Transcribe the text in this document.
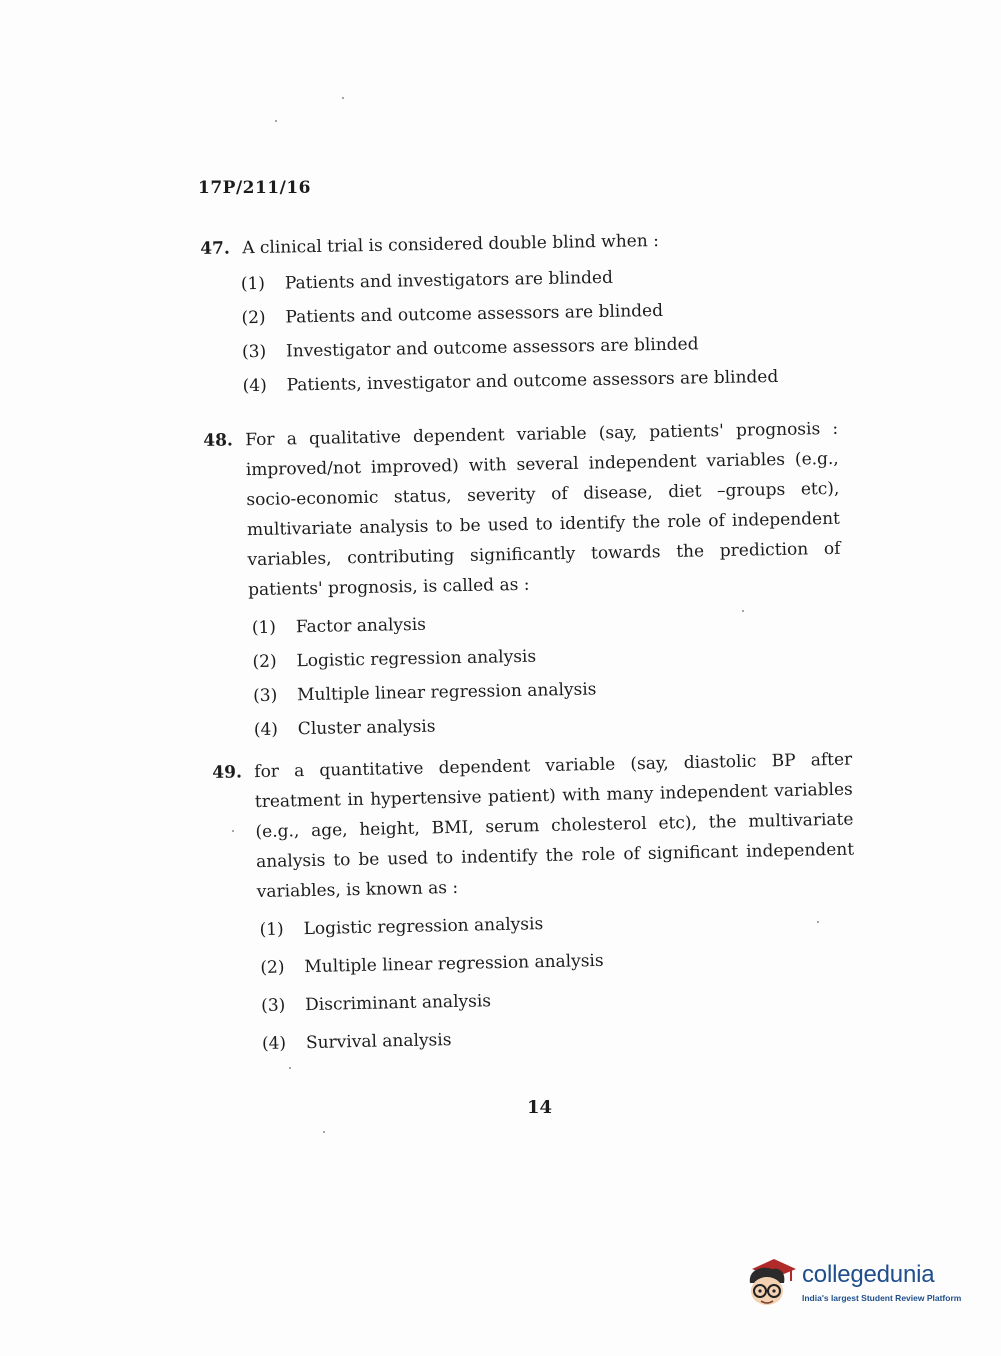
17P/211/16
47. A clinical trial is considered double blind when :
(1)	Patients and investigators are blinded
(2)	Patients and outcome assessors are blinded
(3)	Investigator and outcome assessors are blinded
(4)	Patients, investigator and outcome assessors are blinded
48. For a qualitative dependent variable (say, patients' prognosis : improved/not improved) with several independent variables (e.g., socio-economic status, severity of disease, diet –groups etc), multivariate analysis to be used to identify the role of independent variables, contributing significantly towards the prediction of patients' prognosis, is called as :
(1)	Factor analysis
(2)	Logistic regression analysis
(3)	Multiple linear regression analysis
(4)	Cluster analysis
49. for a quantitative dependent variable (say, diastolic BP after treatment in hypertensive patient) with many independent variables (e.g., age, height, BMI, serum cholesterol etc), the multivariate analysis to be used to indentify the role of significant independent variables, is known as :
(1)	Logistic regression analysis
(2)	Multiple linear regression analysis
(3)	Discriminant analysis
(4)	Survival analysis
14
collegedunia
India's largest Student Review Platform
